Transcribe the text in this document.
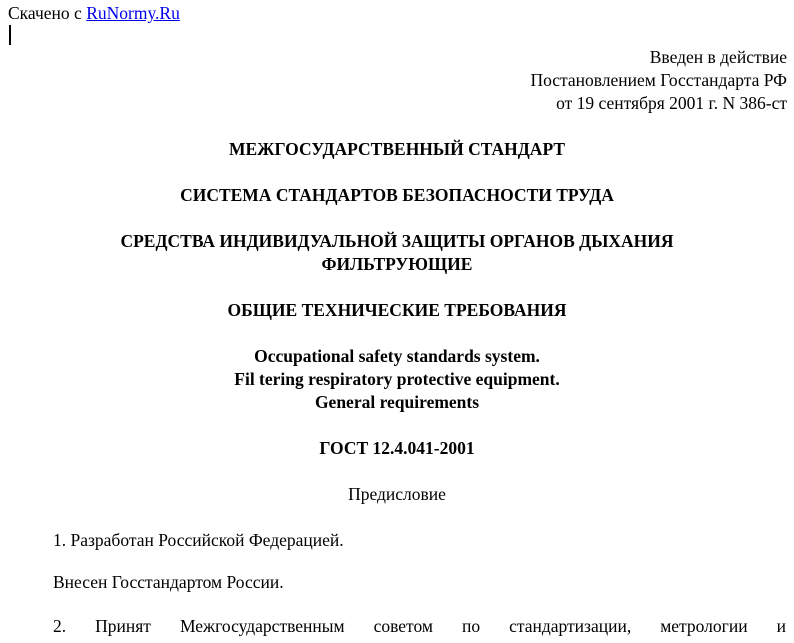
Скачено с RuNormy.Ru
Введен в действие
Постановлением Госстандарта РФ
от 19 сентября 2001 г. N 386-ст
МЕЖГОСУДАРСТВЕННЫЙ СТАНДАРТ
СИСТЕМА СТАНДАРТОВ БЕЗОПАСНОСТИ ТРУДА
СРЕДСТВА ИНДИВИДУАЛЬНОЙ ЗАЩИТЫ ОРГАНОВ ДЫХАНИЯ
ФИЛЬТРУЮЩИЕ
ОБЩИЕ ТЕХНИЧЕСКИЕ ТРЕБОВАНИЯ
Occupational safety standards system.
Fil tering respiratory protective equipment.
General requirements
ГОСТ 12.4.041-2001
Предисловие
1. Разработан Российской Федерацией.
Внесен Госстандартом России.
2. Принят Межгосударственным советом по стандартизации, метрологии и
